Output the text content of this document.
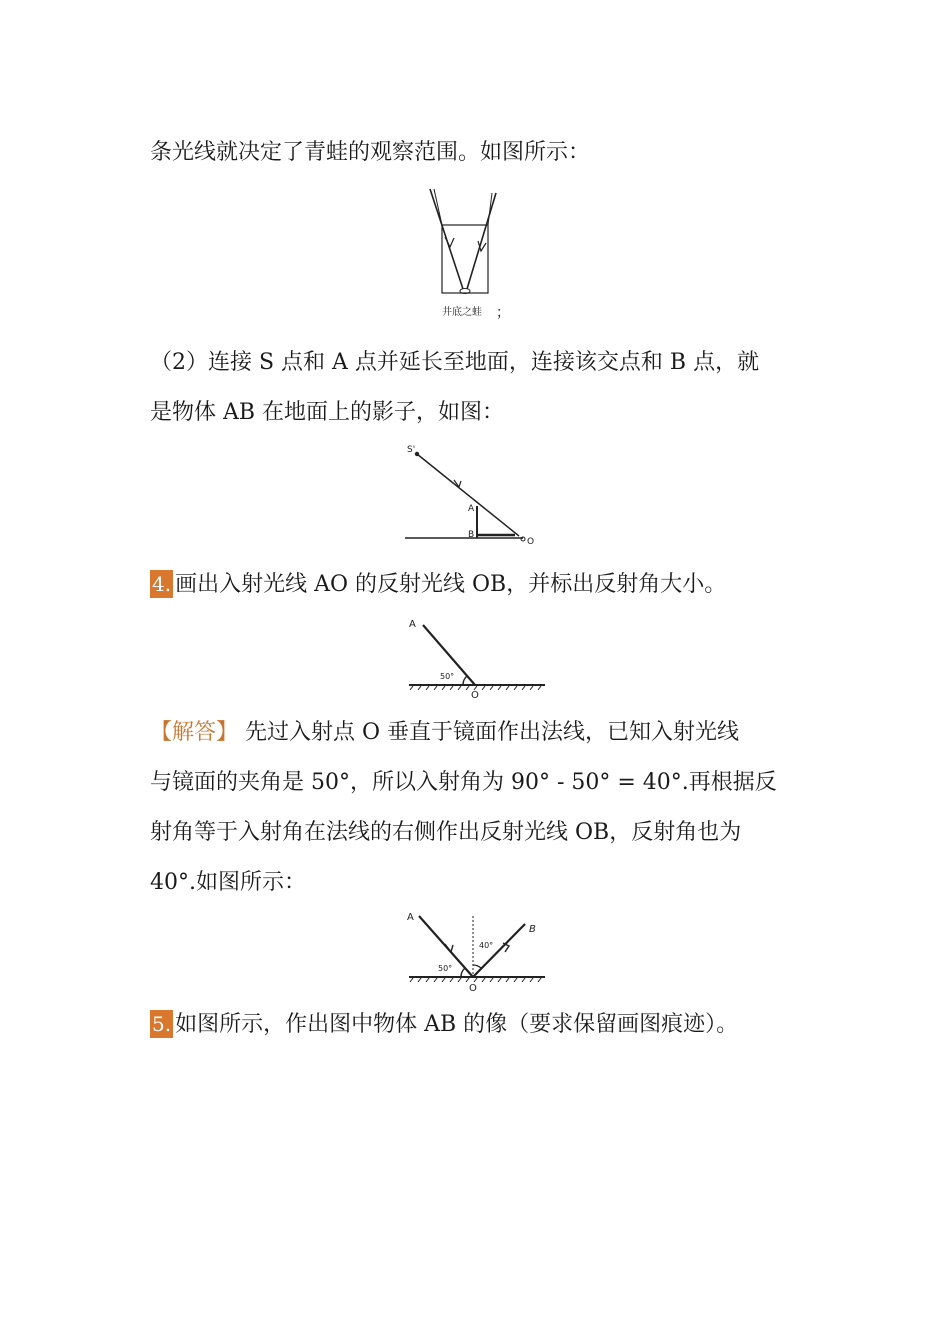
条光线就决定了青蛙的观察范围。如图所示：
井底之蛙 ；
（2）连接 S 点和 A 点并延长至地面，连接该交点和 B 点，就
是物体 AB 在地面上的影子，如图：
S'
A
B
O
4. 画出入射光线 AO 的反射光线 OB，并标出反射角大小。
A
50°
O
【解答】 先过入射点 O 垂直于镜面作出法线，已知入射光线
与镜面的夹角是 50°，所以入射角为 90° - 50° = 40°.再根据反
射角等于入射角在法线的右侧作出反射光线 OB，反射角也为
40°.如图所示：
A
B
50°
40°
O
5. 如图所示，作出图中物体 AB 的像（要求保留画图痕迹）。
